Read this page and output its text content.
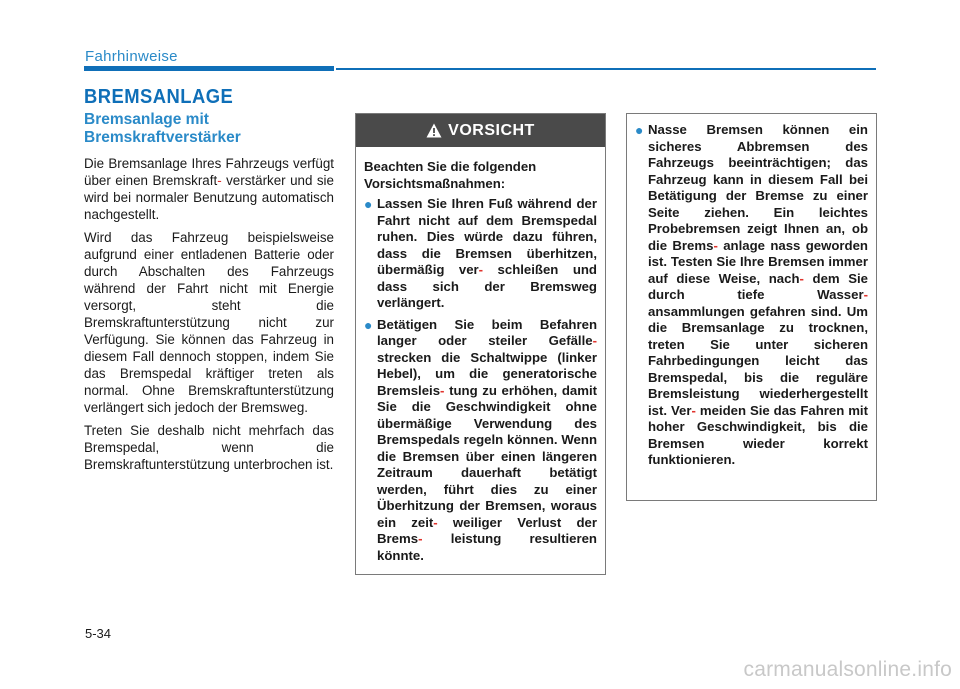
Fahrhinweise
BREMSANLAGE
Bremsanlage mit Bremskraftverstärker

Die Bremsanlage Ihres Fahrzeugs verfügt über einen Bremskraft- verstärker und sie wird bei normaler Benutzung automatisch nachgestellt.

Wird das Fahrzeug beispielsweise aufgrund einer entladenen Batterie oder durch Abschalten des Fahrzeugs während der Fahrt nicht mit Energie versorgt, steht die Bremskraftunterstützung nicht zur Verfügung. Sie können das Fahrzeug in diesem Fall dennoch stoppen, indem Sie das Bremspedal kräftiger treten als normal. Ohne Bremskraftunterstützung verlängert sich jedoch der Bremsweg.

Treten Sie deshalb nicht mehrfach das Bremspedal, wenn die Bremskraftunterstützung unterbrochen ist.

VORSICHT

Beachten Sie die folgenden Vorsichtsmaßnahmen:

● Lassen Sie Ihren Fuß während der Fahrt nicht auf dem Bremspedal ruhen. Dies würde dazu führen, dass die Bremsen überhitzen, übermäßig ver- schleißen und dass sich der Bremsweg verlängert.
● Betätigen Sie beim Befahren langer oder steiler Gefälle- strecken die Schaltwippe (linker Hebel), um die generatorische Bremsleis- tung zu erhöhen, damit Sie die Geschwindigkeit ohne übermäßige Verwendung des Bremspedals regeln können. Wenn die Bremsen über einen längeren Zeitraum dauerhaft betätigt werden, führt dies zu einer Überhitzung der Bremsen, woraus ein zeit- weiliger Verlust der Brems- leistung resultieren könnte.
● Nasse Bremsen können ein sicheres Abbremsen des Fahrzeugs beeinträchtigen; das Fahrzeug kann in diesem Fall bei Betätigung der Bremse zu einer Seite ziehen. Ein leichtes Probebremsen zeigt Ihnen an, ob die Brems- anlage nass geworden ist. Testen Sie Ihre Bremsen immer auf diese Weise, nach- dem Sie durch tiefe Wasser- ansammlungen gefahren sind. Um die Bremsanlage zu trocknen, treten Sie unter sicheren Fahrbedingungen leicht das Bremspedal, bis die reguläre Bremsleistung wiederhergestellt ist. Ver- meiden Sie das Fahren mit hoher Geschwindigkeit, bis die Bremsen wieder korrekt funktionieren.
5-34
carmanualsonline.info
